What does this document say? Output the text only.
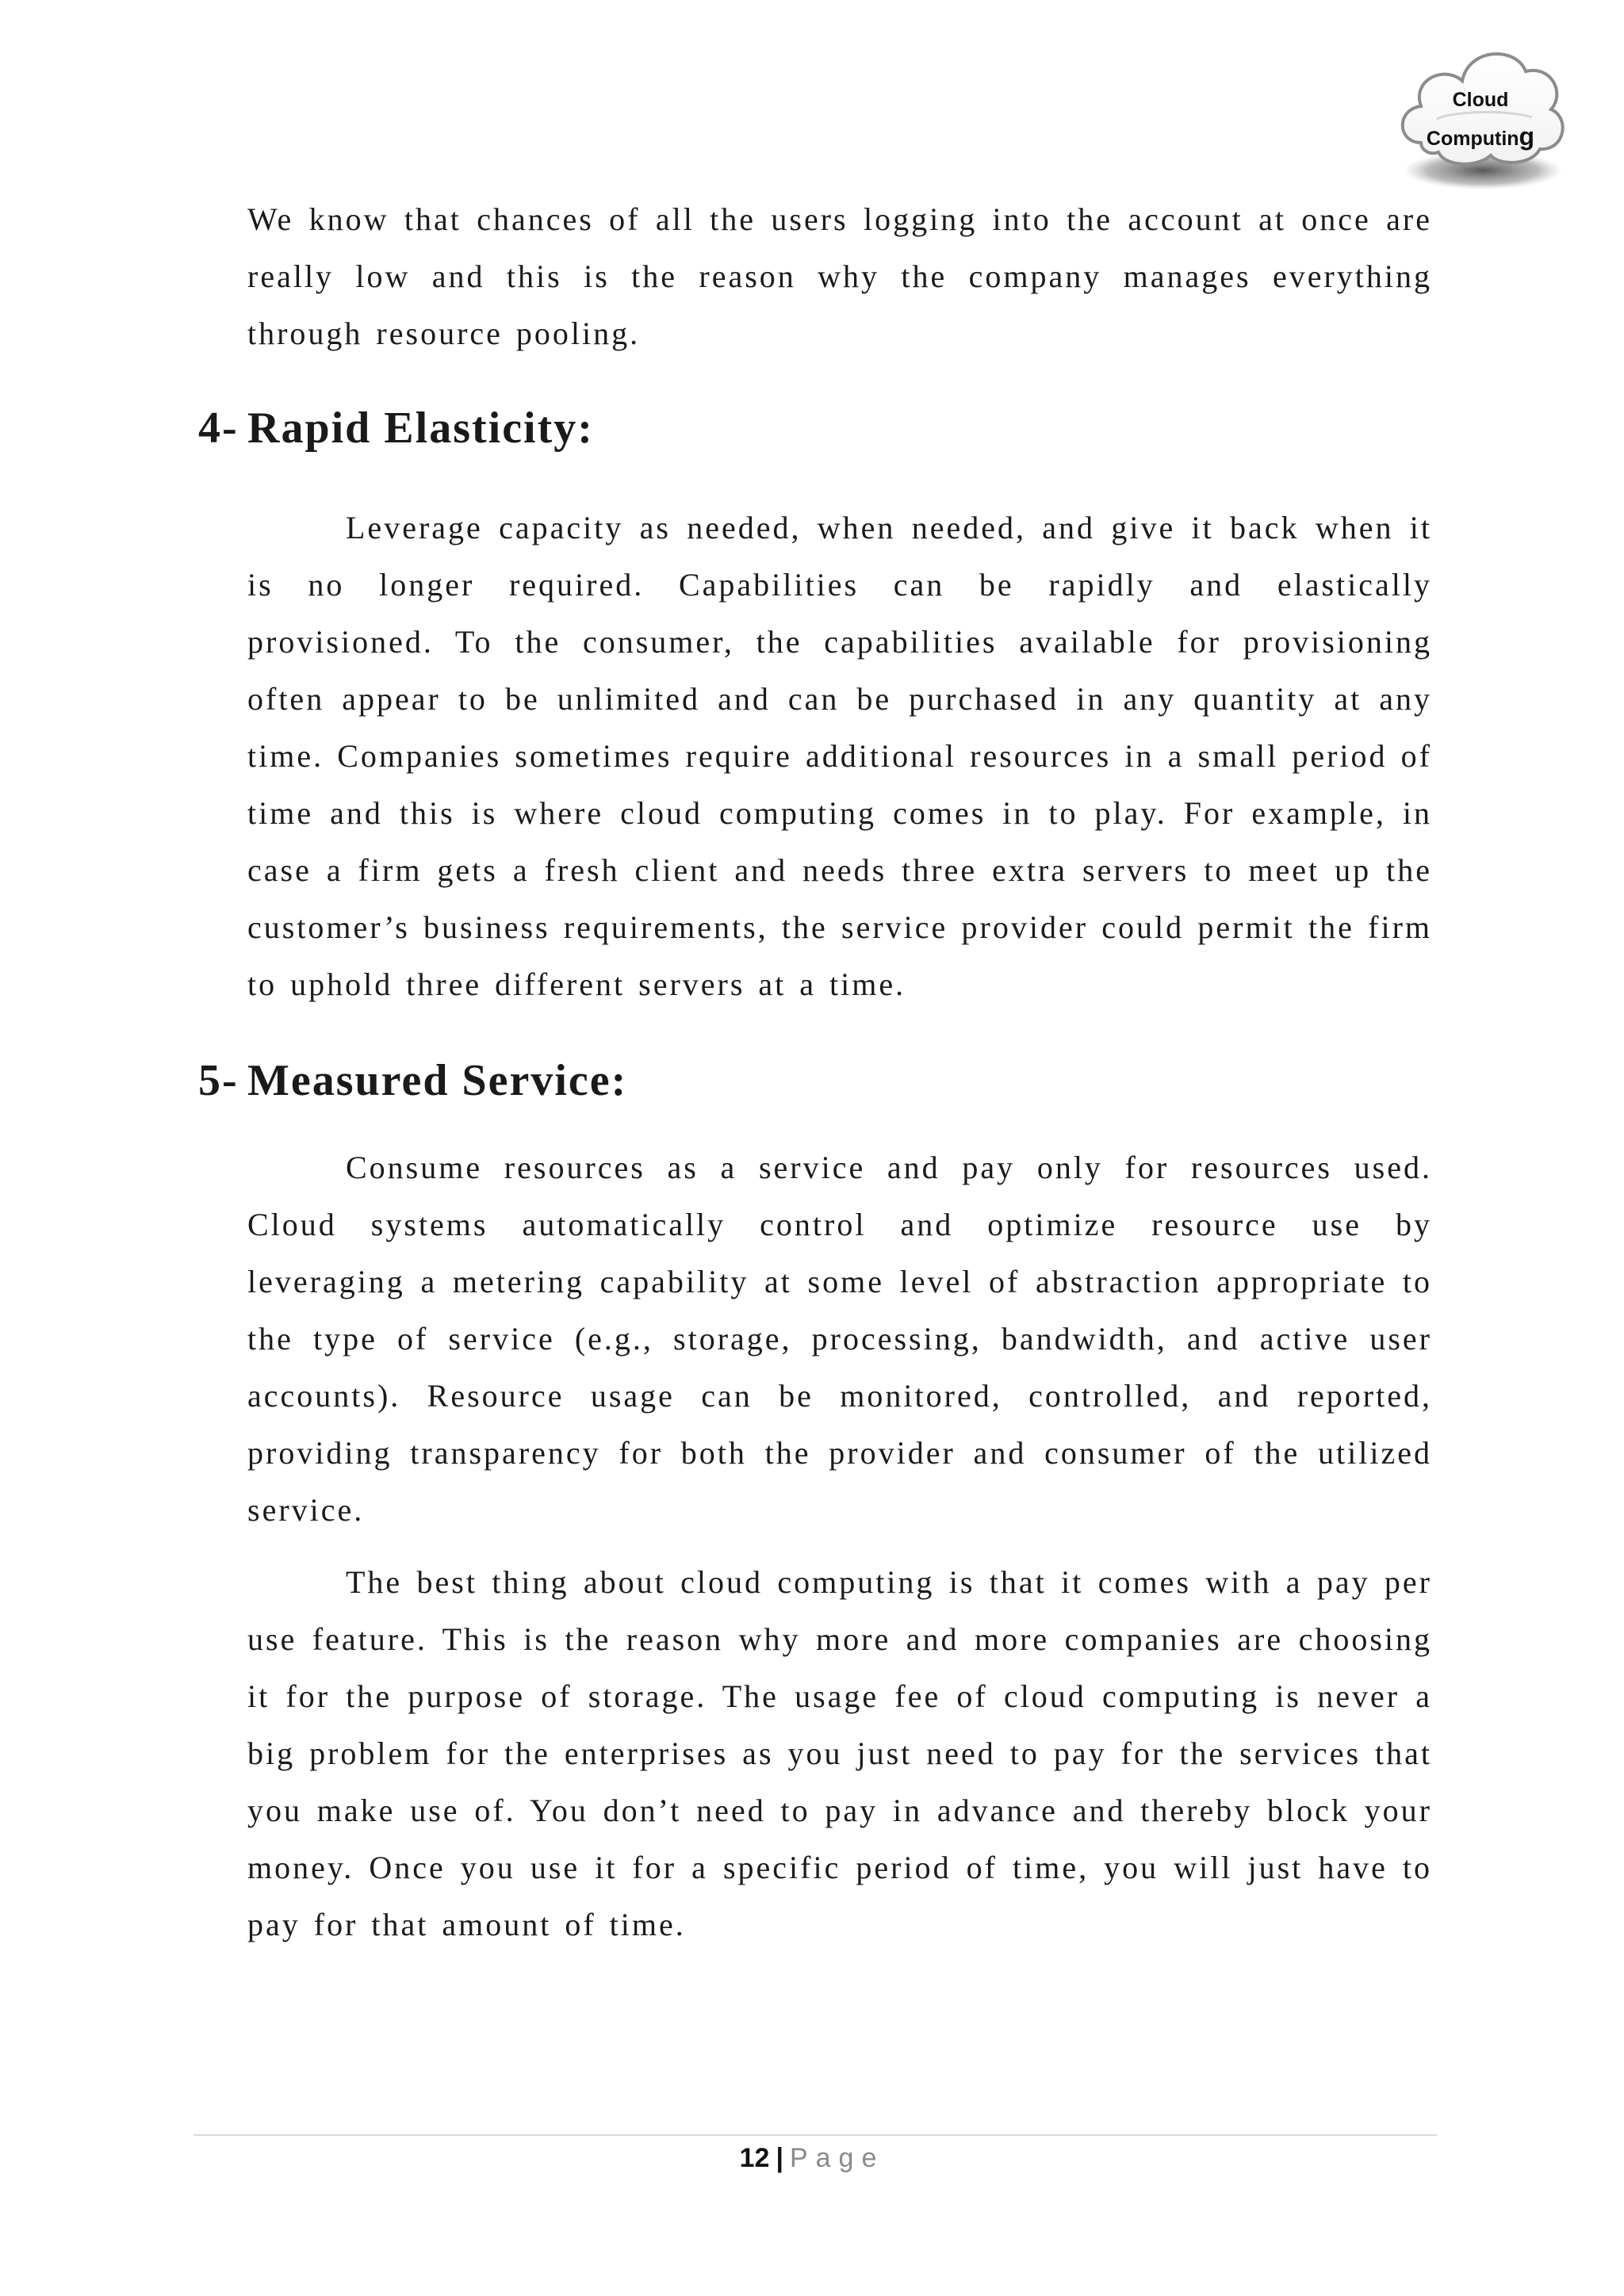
Cloud
Computing

We know that chances of all the users logging into the account at once are really low and this is the reason why the company manages everything through resource pooling.

4- Rapid Elasticity:

Leverage capacity as needed, when needed, and give it back when it is no longer required. Capabilities can be rapidly and elastically provisioned. To the consumer, the capabilities available for provisioning often appear to be unlimited and can be purchased in any quantity at any time. Companies sometimes require additional resources in a small period of time and this is where cloud computing comes in to play. For example, in case a firm gets a fresh client and needs three extra servers to meet up the customer’s business requirements, the service provider could permit the firm to uphold three different servers at a time.

5- Measured Service:

Consume resources as a service and pay only for resources used. Cloud systems automatically control and optimize resource use by leveraging a metering capability at some level of abstraction appropriate to the type of service (e.g., storage, processing, bandwidth, and active user accounts). Resource usage can be monitored, controlled, and reported, providing transparency for both the provider and consumer of the utilized service.

The best thing about cloud computing is that it comes with a pay per use feature. This is the reason why more and more companies are choosing it for the purpose of storage. The usage fee of cloud computing is never a big problem for the enterprises as you just need to pay for the services that you make use of. You don’t need to pay in advance and thereby block your money. Once you use it for a specific period of time, you will just have to pay for that amount of time.

12 | Page
